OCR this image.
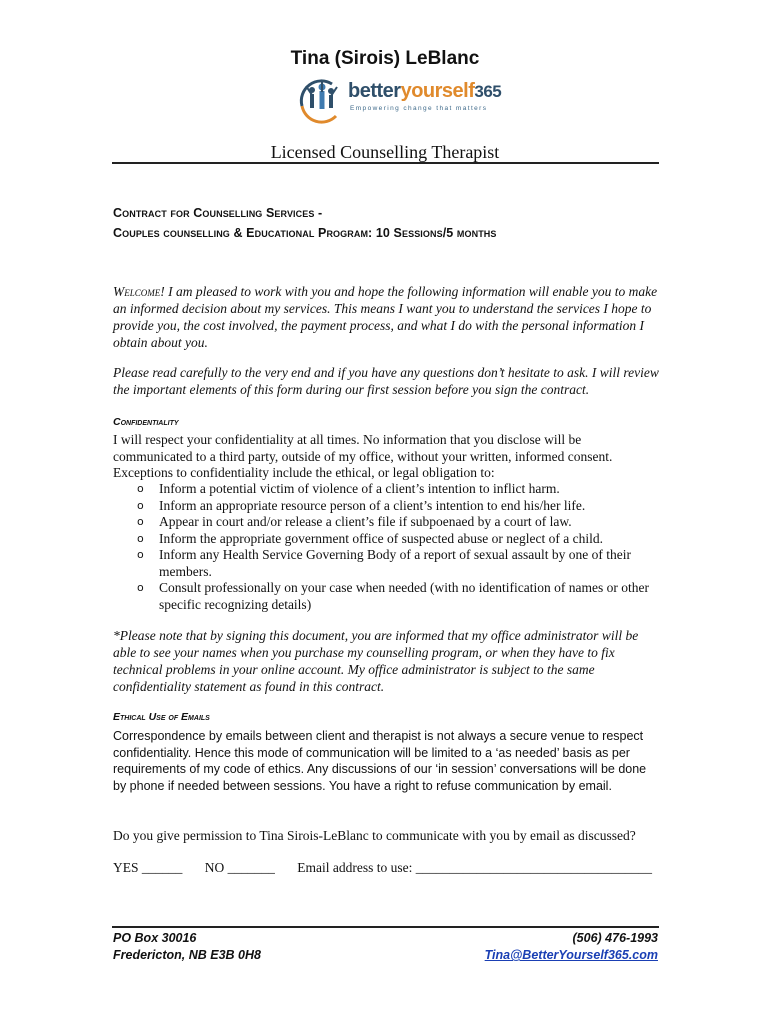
Tina (Sirois) LeBlanc
betteryourself365
Empowering change that matters
Licensed Counselling Therapist
Contract for Counselling Services -
Couples counselling & Educational Program: 10 Sessions/5 months
Welcome! I am pleased to work with you and hope the following information will enable you to make an informed decision about my services. This means I want you to understand the services I hope to provide you, the cost involved, the payment process, and what I do with the personal information I obtain about you.
Please read carefully to the very end and if you have any questions don’t hesitate to ask. I will review the important elements of this form during our first session before you sign the contract.
Confidentiality
I will respect your confidentiality at all times. No information that you disclose will be communicated to a third party, outside of my office, without your written, informed consent. Exceptions to confidentiality include the ethical, or legal obligation to:
o Inform a potential victim of violence of a client’s intention to inflict harm.
o Inform an appropriate resource person of a client’s intention to end his/her life.
o Appear in court and/or release a client’s file if subpoenaed by a court of law.
o Inform the appropriate government office of suspected abuse or neglect of a child.
o Inform any Health Service Governing Body of a report of sexual assault by one of their members.
o Consult professionally on your case when needed (with no identification of names or other specific recognizing details)
*Please note that by signing this document, you are informed that my office administrator will be able to see your names when you purchase my counselling program, or when they have to fix technical problems in your online account. My office administrator is subject to the same confidentiality statement as found in this contract.
Ethical Use of Emails
Correspondence by emails between client and therapist is not always a secure venue to respect confidentiality. Hence this mode of communication will be limited to a ‘as needed’ basis as per requirements of my code of ethics. Any discussions of our ‘in session’ conversations will be done by phone if needed between sessions. You have a right to refuse communication by email.
Do you give permission to Tina Sirois-LeBlanc to communicate with you by email as discussed?
YES ______ NO _______ Email address to use: ___________________________________
PO Box 30016
Fredericton, NB E3B 0H8
(506) 476-1993
Tina@BetterYourself365.com
